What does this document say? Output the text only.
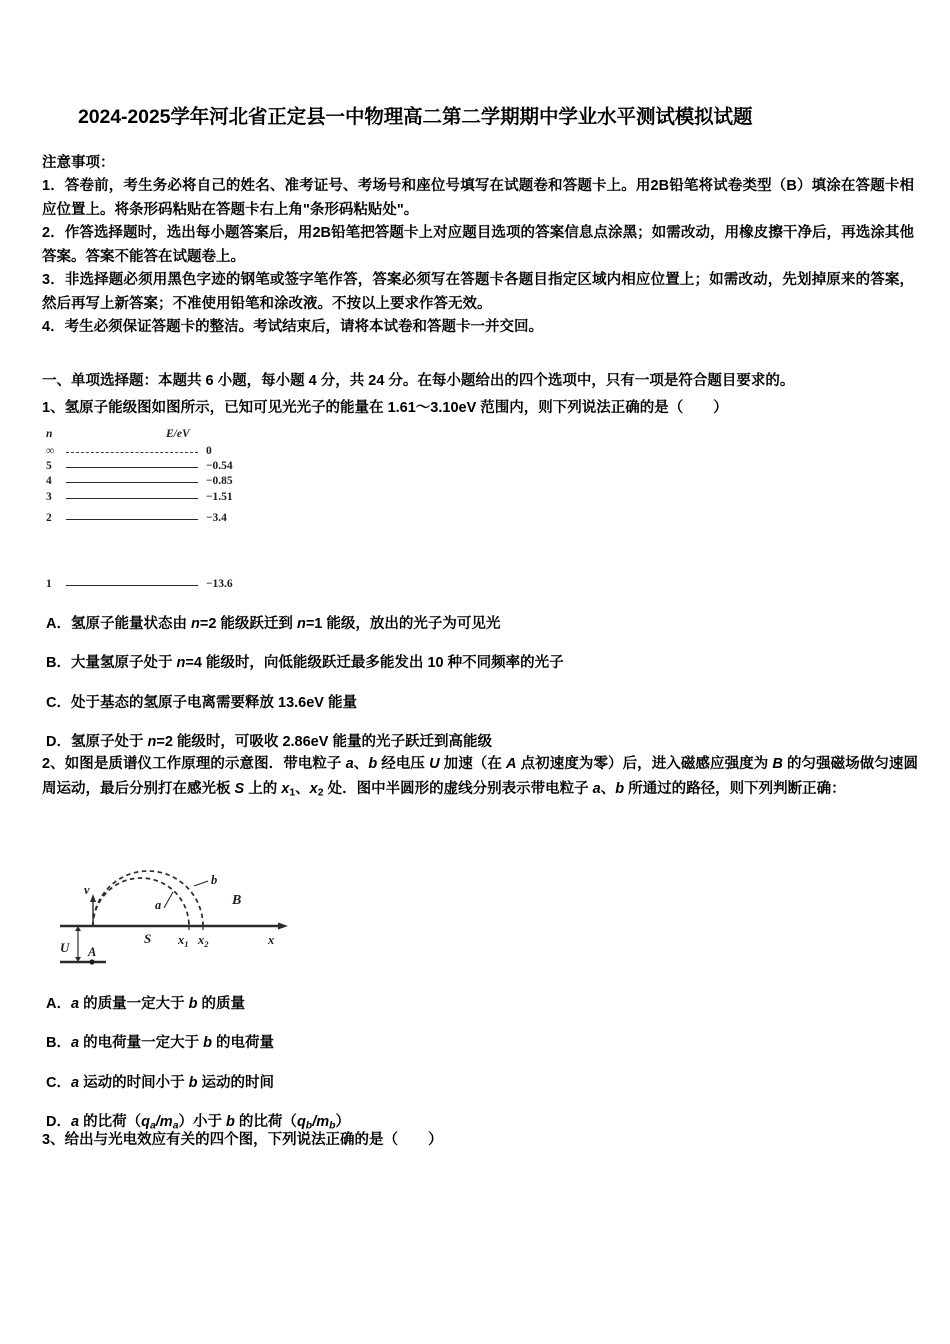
2024-2025学年河北省正定县一中物理高二第二学期期中学业水平测试模拟试题

注意事项：

1．答卷前，考生务必将自己的姓名、准考证号、考场号和座位号填写在试题卷和答题卡上。用2B铅笔将试卷类型（B）填涂在答题卡相应位置上。将条形码粘贴在答题卡右上角"条形码粘贴处"。

2．作答选择题时，选出每小题答案后，用2B铅笔把答题卡上对应题目选项的答案信息点涂黑；如需改动，用橡皮擦干净后，再选涂其他答案。答案不能答在试题卷上。

3．非选择题必须用黑色字迹的钢笔或签字笔作答，答案必须写在答题卡各题目指定区域内相应位置上；如需改动，先划掉原来的答案，然后再写上新答案；不准使用铅笔和涂改液。不按以上要求作答无效。

4．考生必须保证答题卡的整洁。考试结束后，请将本试卷和答题卡一并交回。

一、单项选择题：本题共 6 小题，每小题 4 分，共 24 分。在每小题给出的四个选项中，只有一项是符合题目要求的。
1、氢原子能级图如图所示，已知可见光光子的能量在 1.61～3.10eV 范围内，则下列说法正确的是（ ）
n	E/eV
∞	0
5	−0.54
4	−0.85
3	−1.51
2	−3.4
1	−13.6
A．氢原子能量状态由 n=2 能级跃迁到 n=1 能级，放出的光子为可见光
B．大量氢原子处于 n=4 能级时，向低能级跃迁最多能发出 10 种不同频率的光子
C．处于基态的氢原子电离需要释放 13.6eV 能量
D．氢原子处于 n=2 能级时，可吸收 2.86eV 能量的光子跃迁到高能级
2、如图是质谱仪工作原理的示意图．带电粒子 a、b 经电压 U 加速（在 A 点初速度为零）后，进入磁感应强度为 B 的匀强磁场做匀速圆周运动，最后分别打在感光板 S 上的 $x_1$、$x_2$ 处．图中半圆形的虚线分别表示带电粒子 a、b 所通过的路径，则下列判断正确：
v
U A
S
a
b
B
$x_1$ $x_2$	x
A．a 的质量一定大于 b 的质量
B．a 的电荷量一定大于 b 的电荷量
C．a 运动的时间小于 b 运动的时间
D．a 的比荷$(q_a/m_a)$小于 b 的比荷$(q_b/m_b)$
3、给出与光电效应有关的四个图，下列说法正确的是（ ）
